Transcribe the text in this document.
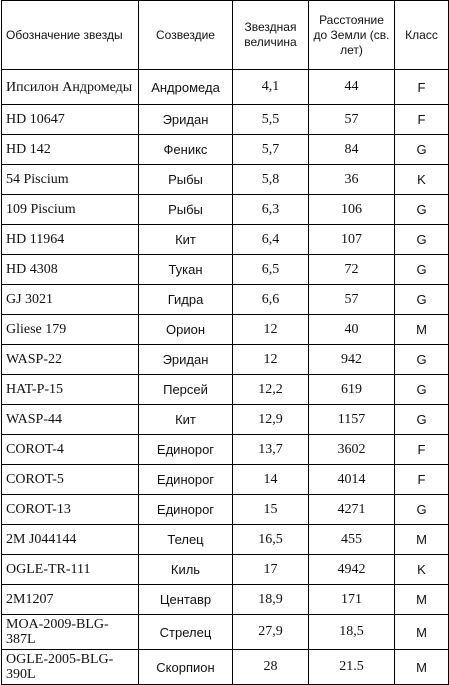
Обозначение звезды	Созвездие	Звездная величина	Расстояние до Земли (св. лет)	Класс
Ипсилон Андромеды	Андромеда	4,1	44	F
HD 10647	Эридан	5,5	57	F
HD 142	Феникс	5,7	84	G
54 Piscium	Рыбы	5,8	36	K
109 Piscium	Рыбы	6,3	106	G
HD 11964	Кит	6,4	107	G
HD 4308	Тукан	6,5	72	G
GJ 3021	Гидра	6,6	57	G
Gliese 179	Орион	12	40	M
WASP-22	Эридан	12	942	G
HAT-P-15	Персей	12,2	619	G
WASP-44	Кит	12,9	1157	G
COROT-4	Единорог	13,7	3602	F
COROT-5	Единорог	14	4014	F
COROT-13	Единорог	15	4271	G
2M J044144	Телец	16,5	455	M
OGLE-TR-111	Киль	17	4942	K
2M1207	Центавр	18,9	171	M
MOA-2009-BLG-387L	Стрелец	27,9	18,5	M
OGLE-2005-BLG-390L	Скорпион	28	21.5	M
